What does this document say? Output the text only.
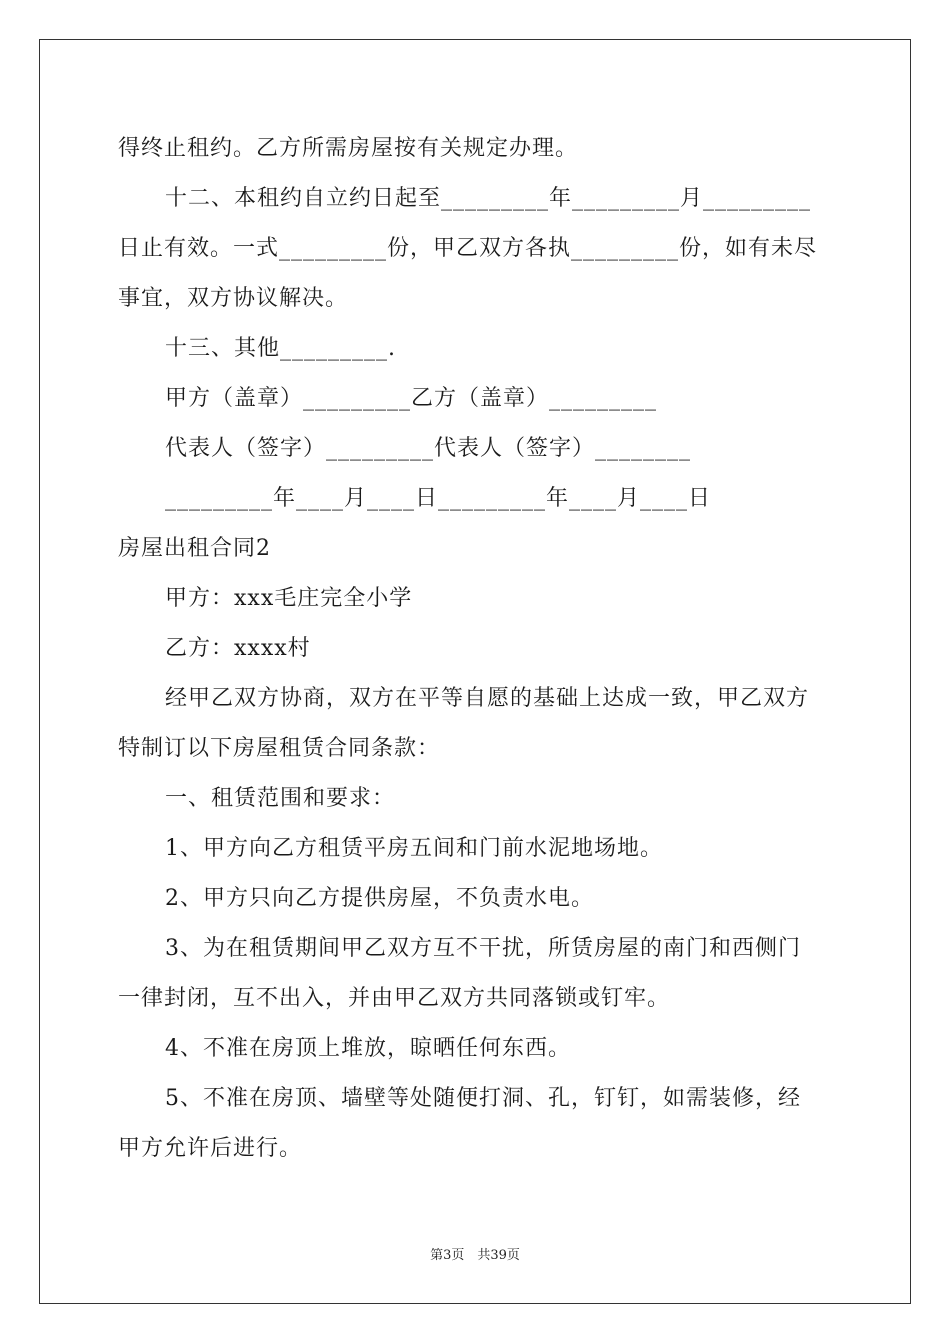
得终止租约。乙方所需房屋按有关规定办理。
十二、本租约自立约日起至_________年_________月_________
日止有效。一式_________份，甲乙双方各执_________份，如有未尽
事宜，双方协议解决。
十三、其他_________.
甲方（盖章）_________乙方（盖章）_________
代表人（签字）_________代表人（签字）________
_________年____月____日_________年____月____日
房屋出租合同2
甲方：xxx毛庄完全小学
乙方：xxxx村
经甲乙双方协商，双方在平等自愿的基础上达成一致，甲乙双方
特制订以下房屋租赁合同条款：
一、租赁范围和要求：
1、甲方向乙方租赁平房五间和门前水泥地场地。
2、甲方只向乙方提供房屋，不负责水电。
3、为在租赁期间甲乙双方互不干扰，所赁房屋的南门和西侧门
一律封闭，互不出入，并由甲乙双方共同落锁或钉牢。
4、不准在房顶上堆放，晾晒任何东西。
5、不准在房顶、墙壁等处随便打洞、孔，钉钉，如需装修，经
甲方允许后进行。
第3页　共39页
